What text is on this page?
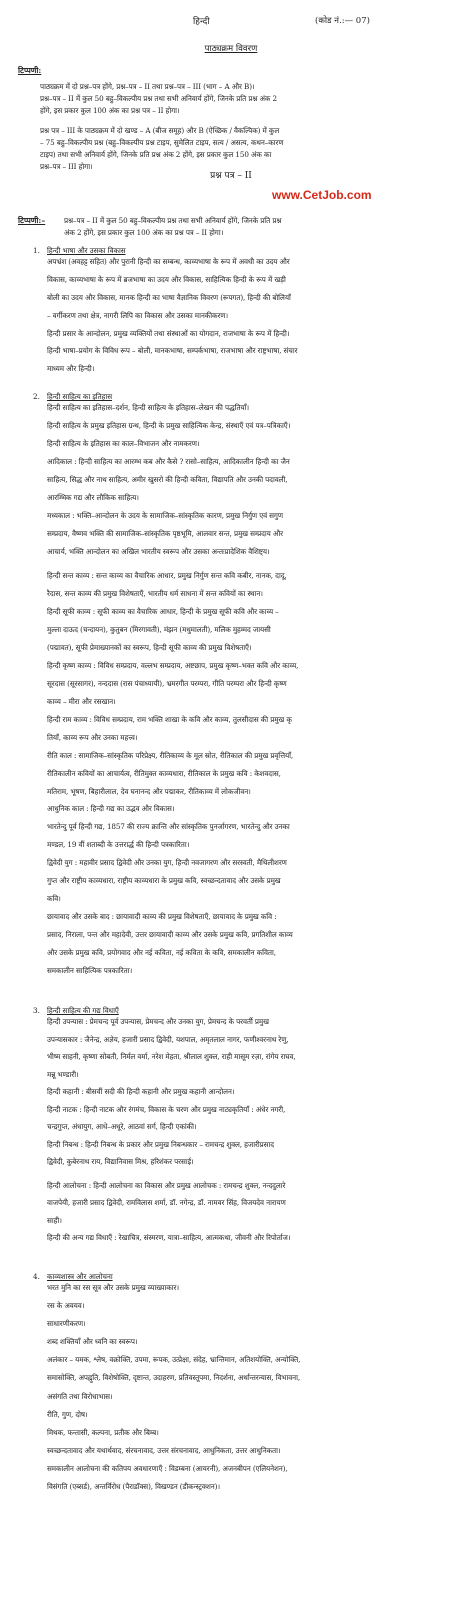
हिन्दी	(कोड नं.:— 07)
पाठ्यक्रम विवरण
टिप्पणी:
पाठ्यक्रम में दो प्रश्न–पत्र होंगे, प्रश्न–पत्र – II तथा प्रश्न–पत्र – III (भाग – A और B)।
प्रश्न–पत्र – II में कुल 50 बहु–विकल्पीय प्रश्न तथा सभी अनिवार्य होंगे, जिनके प्रति प्रश्न अंक 2
होंगे, इस प्रकार कुल 100 अंक का प्रश्न पत्र – II होगा।
प्रश्न पत्र – III के पाठ्यक्रम में दो खण्ड – A (बीज समूह) और B (ऐच्छिक / वैकल्पिक) में कुल
– 75 बहु–विकल्पीय प्रश्न (बहु–विकल्पीय प्रश्न टाइप, सुमेलित टाइप, सत्य / असत्य, कथन–कारण
टाइप) तथा सभी अनिवार्य होंगे, जिनके प्रति प्रश्न अंक 2 होंगे, इस प्रकार कुल 150 अंक का
प्रश्न–पत्र – III होगा।
प्रश्न पत्र – II
www.CetJob.com
टिप्पणी:–	प्रश्न–पत्र – II में कुल 50 बहु–विकल्पीय प्रश्न तथा सभी अनिवार्य होंगे, जिनके प्रति प्रश्न
अंक 2 होंगे, इस प्रकार कुल 100 अंक का प्रश्न पत्र – II होगा।
1. हिन्दी भाषा और उसका विकास
अपभ्रंश (अवहट्ट सहित) और पुरानी हिन्दी का सम्बन्ध, काव्यभाषा के रूप में अवधी का उदय और
विकास, काव्यभाषा के रूप में ब्रजभाषा का उदय और विकास, साहित्यिक हिन्दी के रूप में खड़ी
बोली का उदय और विकास, मानक हिन्दी का भाषा वैज्ञानिक विवरण (रूपगत), हिन्दी की बोलियाँ
– वर्गीकरण तथा क्षेत्र, नागरी लिपि का विकास और उसका मानकीकरण।
हिन्दी प्रसार के आन्दोलन, प्रमुख व्यक्तियों तथा संस्थाओं का योगदान, राजभाषा के रूप में हिन्दी।
हिन्दी भाषा–प्रयोग के विविध रूप – बोली, मानकभाषा, सम्पर्कभाषा, राजभाषा और राष्ट्रभाषा, संचार
माध्यम और हिन्दी।
2. हिन्दी साहित्य का इतिहास
हिन्दी साहित्य का इतिहास–दर्शन, हिन्दी साहित्य के इतिहास–लेखन की पद्धतियाँ।
हिन्दी साहित्य के प्रमुख इतिहास ग्रन्थ, हिन्दी के प्रमुख साहित्यिक केन्द्र, संस्थाएँ एवं पत्र–पत्रिकाएँ।
हिन्दी साहित्य के इतिहास का काल–विभाजन और नामकरण।
आदिकाल : हिन्दी साहित्य का आरम्भ कब और कैसे ? रासो–साहित्य, आदिकालीन हिन्दी का जैन
साहित्य, सिद्ध और नाथ साहित्य, अमीर खुसरो की हिन्दी कविता, विद्यापति और उनकी पदावली,
आरम्भिक गद्य और लौकिक साहित्य।
मध्यकाल : भक्ति–आन्दोलन के उदय के सामाजिक–सांस्कृतिक कारण, प्रमुख निर्गुण एवं सगुण
सम्प्रदाय, वैष्णव भक्ति की सामाजिक–सांस्कृतिक पृष्ठभूमि, आलवार सन्त, प्रमुख सम्प्रदाय और
आचार्य, भक्ति आन्दोलन का अखिल भारतीय स्वरूप और उसका अन्तःप्रादेशिक वैशिष्ट्य।
हिन्दी सन्त काव्य : सन्त काव्य का वैचारिक आधार, प्रमुख निर्गुण सन्त कवि कबीर, नानक, दादू,
रैदास, सन्त काव्य की प्रमुख विशेषताएँ, भारतीय धर्म साधना में सन्त कवियों का स्थान।
हिन्दी सूफी काव्य : सूफी काव्य का वैचारिक आधार, हिन्दी के प्रमुख सूफी कवि और काव्य –
मुल्ला दाऊद (चन्दायन), कुतुबन (मिरगावती), मंझन (मधुमालती), मलिक मुहम्मद जायसी
(पद्मावत), सूफी प्रेमाख्यानकों का स्वरूप, हिन्दी सूफी काव्य की प्रमुख विशेषताएँ।
हिन्दी कृष्ण काव्य : विविध सम्प्रदाय, वल्लभ सम्प्रदाय, अष्टछाप, प्रमुख कृष्ण–भक्त कवि और काव्य,
सूरदास (सूरसागर), नन्ददास (रास पंचाध्यायी), भ्रमरगीत परम्परा, गीति परम्परा और हिन्दी कृष्ण
काव्य – मीरा और रसखान।
हिन्दी राम काव्य : विविध सम्प्रदाय, राम भक्ति शाखा के कवि और काव्य, तुलसीदास की प्रमुख कृ
तियाँ, काव्य रूप और उनका महत्त्व।
रीति काल : सामाजिक–सांस्कृतिक परिप्रेक्ष्य, रीतिकाव्य के मूल स्रोत, रीतिकाल की प्रमुख प्रवृत्तियाँ,
रीतिकालीन कवियों का आचार्यत्व, रीतिमुक्त काव्यधारा, रीतिकाल के प्रमुख कवि : केशवदास,
मतिराम, भूषण, बिहारीलाल, देव घनानन्द और पद्माकर, रीतिकाव्य में लोकजीवन।
आधुनिक काल : हिन्दी गद्य का उद्भव और विकास।
भारतेन्दु पूर्व हिन्दी गद्य, 1857 की राज्य क्रान्ति और सांस्कृतिक पुनर्जागरण, भारतेन्दु और उनका
मण्डल, 19 वीं शताब्दी के उत्तरार्द्ध की हिन्दी पत्रकारिता।
द्विवेदी युग : महावीर प्रसाद द्विवेदी और उनका युग, हिन्दी नवजागरण और सरस्वती, मैथिलीशरण
गुप्त और राष्ट्रीय काव्यधारा, राष्ट्रीय काव्यधारा के प्रमुख कवि, स्वच्छन्दतावाद और उसके प्रमुख
कवि।
छायावाद और उसके बाद : छायावादी काव्य की प्रमुख विशेषताएँ, छायावाद के प्रमुख कवि :
प्रसाद, निराला, पन्त और महादेवी, उत्तर छायावादी काव्य और उसके प्रमुख कवि, प्रगतिशील काव्य
और उसके प्रमुख कवि, प्रयोगवाद और नई कविता, नई कविता के कवि, समकालीन कविता,
समकालीन साहित्यिक पत्रकारिता।
3. हिन्दी साहित्य की गद्य विधाएँ
हिन्दी उपन्यास : प्रेमचन्द पूर्व उपन्यास, प्रेमचन्द और उनका युग, प्रेमचन्द के परवर्ती प्रमुख
उपन्यासकार : जैनेन्द्र, अज्ञेय, हजारी प्रसाद द्विवेदी, यशपाल, अमृतलाल नागर, फणीश्वरनाथ रेणु,
भीष्म साहनी, कृष्णा सोबती, निर्मल वर्मा, नरेश मेहता, श्रीलाल शुक्ल, राही मासूम रज़ा, रांगेय राघव,
मन्नू भण्डारी।
हिन्दी कहानी : बीसवीं सदी की हिन्दी कहानी और प्रमुख कहानी आन्दोलन।
हिन्दी नाटक : हिन्दी नाटक और रंगमंच, विकास के चरण और प्रमुख नाट्यकृतियाँ : अंधेर नगरी,
चन्द्रगुप्त, अंधायुग, आधे–अधूरे, आठवां सर्ग, हिन्दी एकांकी।
हिन्दी निबन्ध : हिन्दी निबन्ध के प्रकार और प्रमुख निबन्धकार – रामचन्द्र शुक्ल, हजारीप्रसाद
द्विवेदी, कुबेरनाथ राय, विद्यानिवास मिश्र, हरिशंकर परसाई।
हिन्दी आलोचना : हिन्दी आलोचना का विकास और प्रमुख आलोचक : रामचन्द्र शुक्ल, नन्ददुलारे
वाजपेयी, हजारी प्रसाद द्विवेदी, रामविलास शर्मा, डॉ. नगेन्द्र, डॉ. नामवर सिंह, विजयदेव नारायण
साही।
हिन्दी की अन्य गद्य विधाएँ : रेखाचित्र, संस्मरण, यात्रा–साहित्य, आत्मकथा, जीवनी और रिपोर्ताज।
4. काव्यशास्त्र और आलोचना
भरत मुनि का रस सूत्र और उसके प्रमुख व्याख्याकार।
रस के अवयव।
साधारणीकरण।
शब्द शक्तियाँ और ध्वनि का स्वरूप।
अलंकार – यमक, श्लेष, वक्रोक्ति, उपमा, रूपक, उत्प्रेक्षा, संदेह, भ्रान्तिमान, अतिशयोक्ति, अन्योक्ति,
समासोक्ति, अपह्नुति, विशेषोक्ति, दृष्टान्त, उदाहरण, प्रतिवस्तूपमा, निदर्शना, अर्थान्तरन्यास, विभावना,
असंगति तथा विरोधाभास।
रीति, गुण, दोष।
मिथक, फन्तासी, कल्पना, प्रतीक और बिम्ब।
स्वच्छन्दतावाद और यथार्थवाद, संरचनावाद, उत्तर संरचनावाद, आधुनिकता, उत्तर आधुनिकता।
समकालीन आलोचना की कतिपय अवधारणाएँ : विडम्बना (आयरनी), अजनबीपन (एलियनेशन),
विसंगति (एब्सर्ड), अन्तर्विरोध (पैराडॉक्स), विखण्डन (डीकन्स्ट्रक्शन)।
